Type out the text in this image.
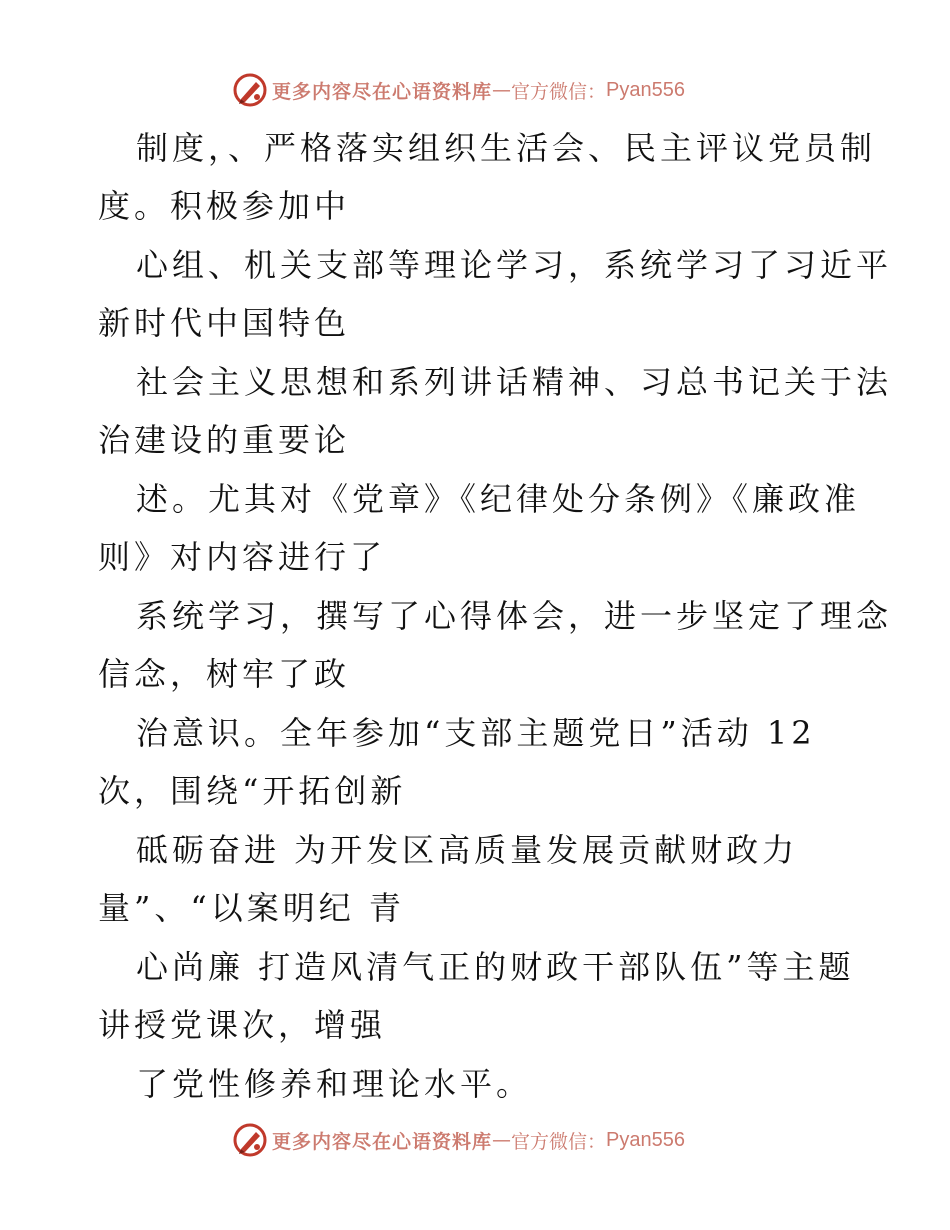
更多内容尽在心语资料库 — 官方微信： Pyan556
制度，、严格落实组织生活会、民主评议党员制
度。积极参加中
心组、机关支部等理论学习，系统学习了习近平
新时代中国特色
社会主义思想和系列讲话精神、习总书记关于法
治建设的重要论
述。尤其对《党章》《纪律处分条例》《廉政准
则》对内容进行了
系统学习，撰写了心得体会，进一步坚定了理念
信念，树牢了政
治意识。全年参加“支部主题党日”活动 12
次，围绕“开拓创新
砥砺奋进 为开发区高质量发展贡献财政力
量”、“以案明纪 青
心尚廉 打造风清气正的财政干部队伍”等主题
讲授党课次，增强
了党性修养和理论水平。
更多内容尽在心语资料库 — 官方微信： Pyan556
